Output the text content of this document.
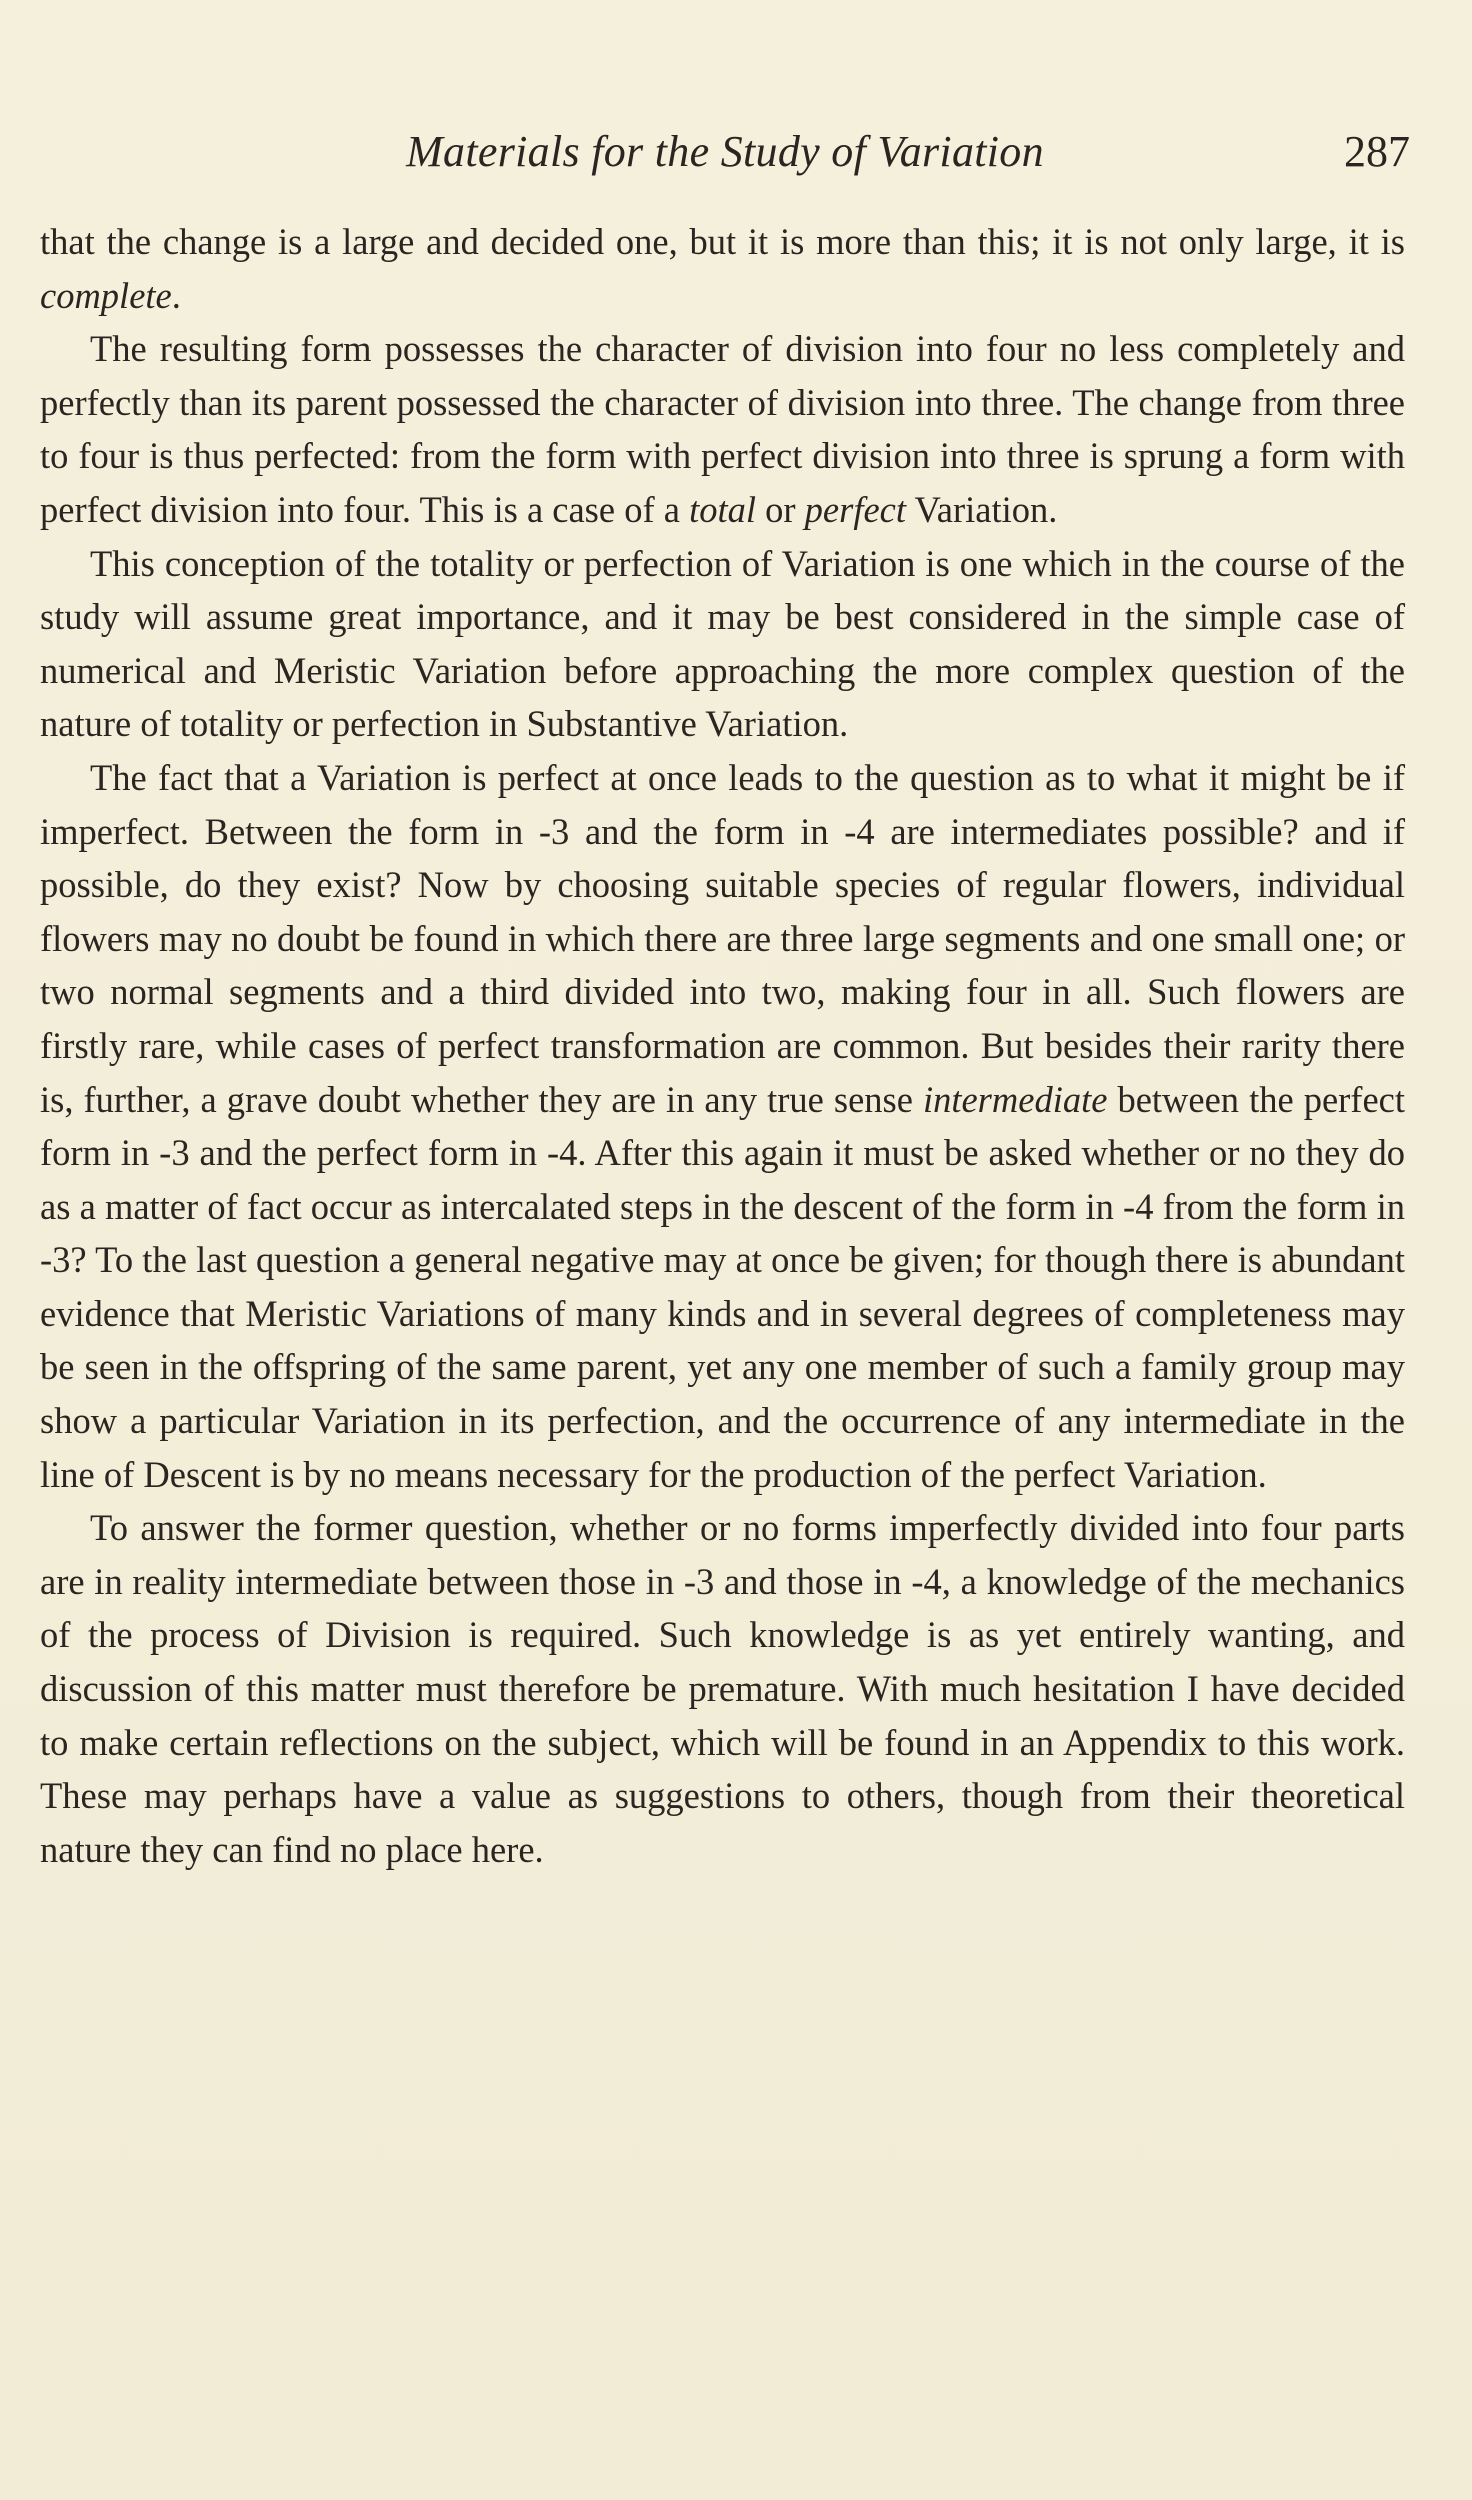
Materials for the Study of Variation	287

that the change is a large and decided one, but it is more than this; it is not only large, it is complete.

The resulting form possesses the character of division into four no less completely and perfectly than its parent possessed the character of division into three. The change from three to four is thus perfected: from the form with perfect division into three is sprung a form with perfect division into four. This is a case of a total or perfect Variation.

This conception of the totality or perfection of Variation is one which in the course of the study will assume great importance, and it may be best considered in the simple case of numerical and Meristic Variation before approaching the more complex question of the nature of totality or perfection in Substantive Variation.

The fact that a Variation is perfect at once leads to the question as to what it might be if imperfect. Between the form in -3 and the form in -4 are intermediates possible? and if possible, do they exist? Now by choosing suitable species of regular flowers, individual flowers may no doubt be found in which there are three large segments and one small one; or two normal segments and a third divided into two, making four in all. Such flowers are firstly rare, while cases of perfect transformation are common. But besides their rarity there is, further, a grave doubt whether they are in any true sense intermediate between the perfect form in -3 and the perfect form in -4. After this again it must be asked whether or no they do as a matter of fact occur as intercalated steps in the descent of the form in -4 from the form in -3? To the last question a general negative may at once be given; for though there is abundant evidence that Meristic Variations of many kinds and in several degrees of completeness may be seen in the offspring of the same parent, yet any one member of such a family group may show a particular Variation in its perfection, and the occurrence of any intermediate in the line of Descent is by no means necessary for the production of the perfect Variation.

To answer the former question, whether or no forms imperfectly divided into four parts are in reality intermediate between those in -3 and those in -4, a knowledge of the mechanics of the process of Division is required. Such knowledge is as yet entirely wanting, and discussion of this matter must therefore be premature. With much hesitation I have decided to make certain reflections on the subject, which will be found in an Appendix to this work. These may perhaps have a value as suggestions to others, though from their theoretical nature they can find no place here.
